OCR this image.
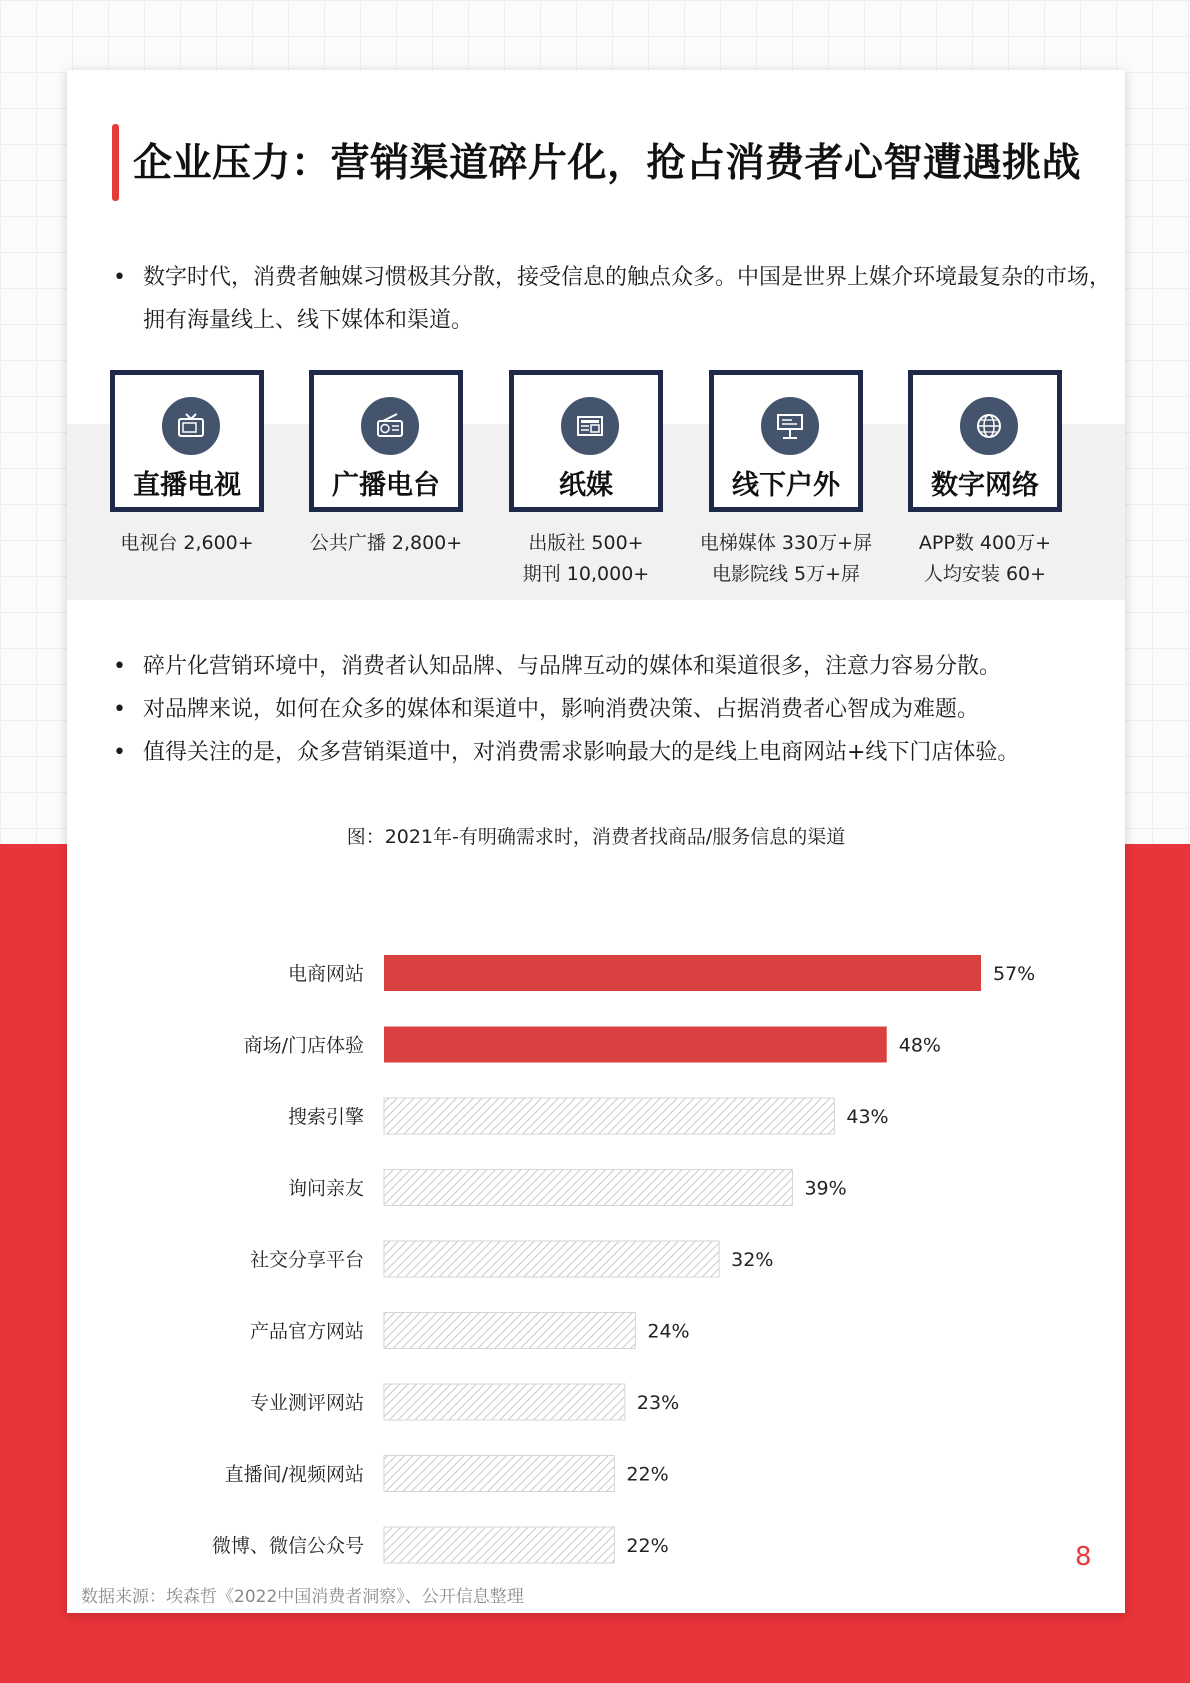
企业压力：营销渠道碎片化，抢占消费者心智遭遇挑战
• 数字时代，消费者触媒习惯极其分散，接受信息的触点众多。中国是世界上媒介环境最复杂的市场，拥有海量线上、线下媒体和渠道。
直播电视	广播电台	纸媒	线下户外	数字网络
电视台 2,600+	公共广播 2,800+	出版社 500+
期刊 10,000+
电梯媒体 330万+屏
电影院线 5万+屏
APP数 400万+
人均安装 60+
• 碎片化营销环境中，消费者认知品牌、与品牌互动的媒体和渠道很多，注意力容易分散。
• 对品牌来说，如何在众多的媒体和渠道中，影响消费决策、占据消费者心智成为难题。
• 值得关注的是，众多营销渠道中，对消费需求影响最大的是线上电商网站+线下门店体验。
图：2021年-有明确需求时，消费者找商品/服务信息的渠道
电商网站	57%
商场/门店体验	48%
搜索引擎	43%
询问亲友	39%
社交分享平台	32%
产品官方网站	24%
专业测评网站	23%
直播间/视频网站	22%
微博、微信公众号	22%	8
数据来源：埃森哲《2022中国消费者洞察》、公开信息整理
